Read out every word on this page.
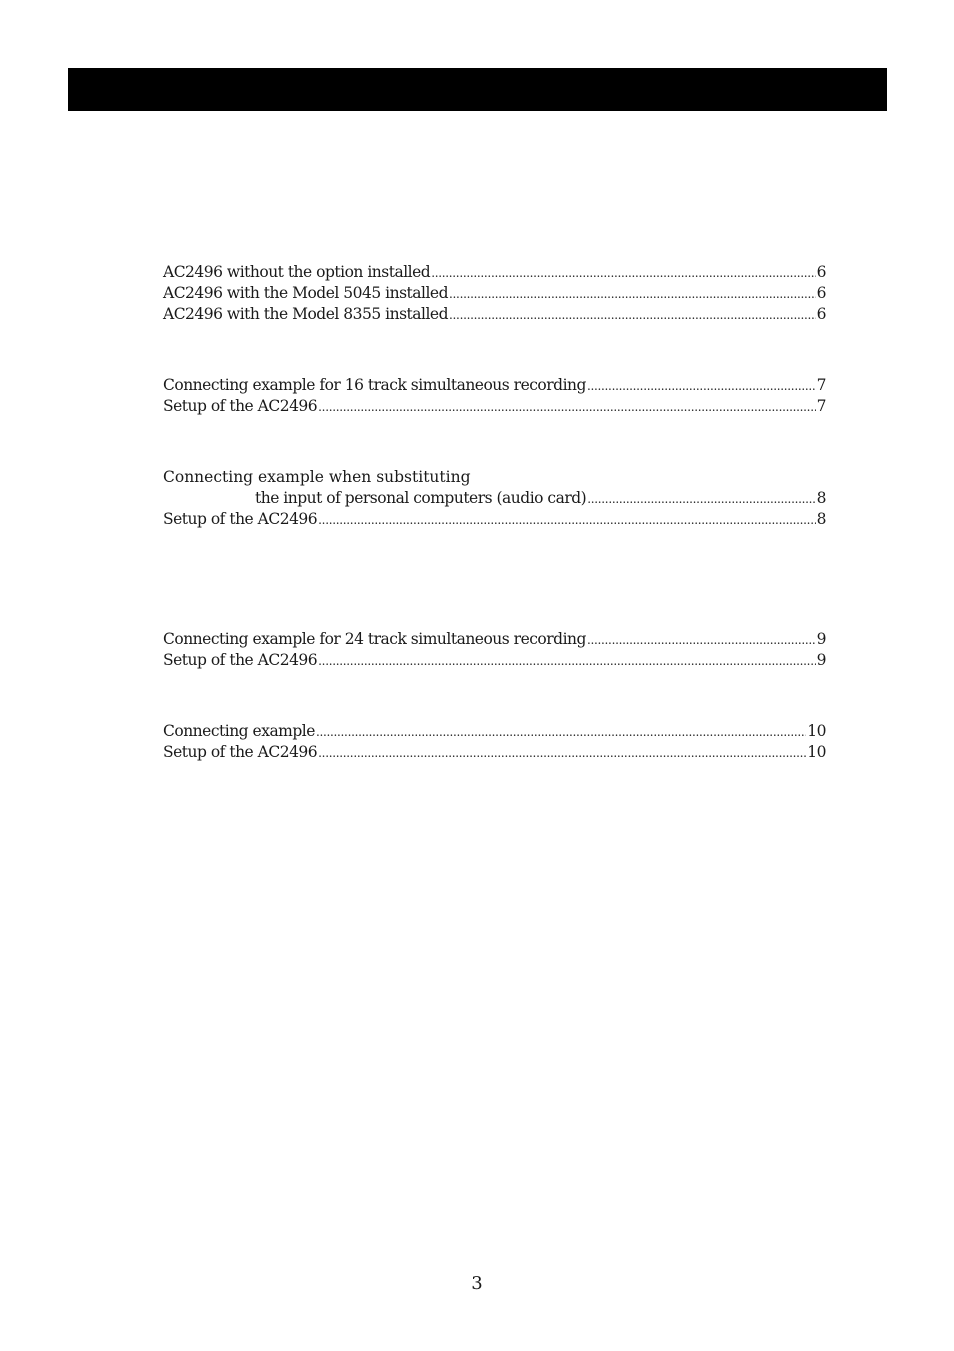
AC2496 without the option installed .....	6
AC2496 with the Model 5045 installed .....	6
AC2496 with the Model 8355 installed .....	6
Connecting example for 16 track simultaneous recording .....	7
Setup of the AC2496 .....	7
Connecting example when substituting
the input of personal computers (audio card) .....	8
Setup of the AC2496 .....	8
Connecting example for 24 track simultaneous recording .....	9
Setup of the AC2496 .....	9
Connecting example .....	10
Setup of the AC2496 .....	10
3
